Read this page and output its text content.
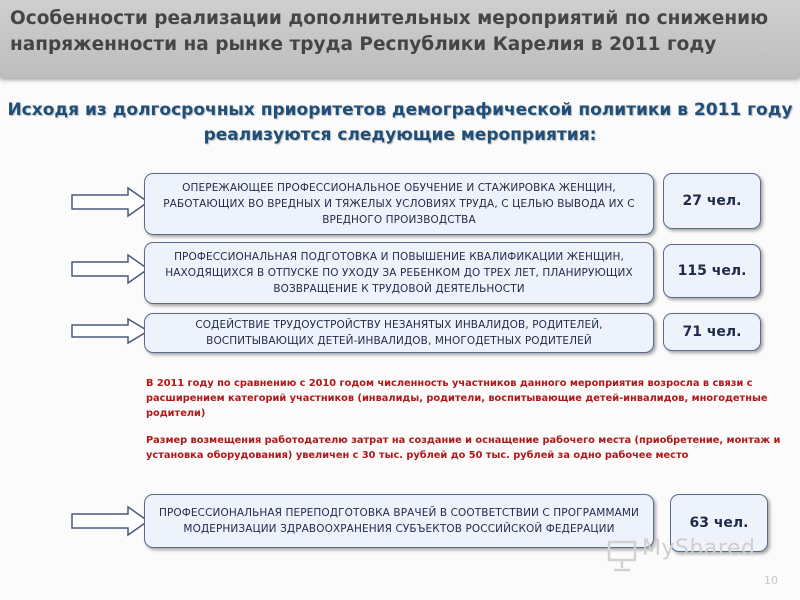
Особенности реализации дополнительных мероприятий по снижению напряженности на рынке труда Республики Карелия в 2011 году
Исходя из долгосрочных приоритетов демографической политики в 2011 году реализуются следующие мероприятия:
ОПЕРЕЖАЮЩЕЕ ПРОФЕССИОНАЛЬНОЕ ОБУЧЕНИЕ И СТАЖИРОВКА ЖЕНЩИН, РАБОТАЮЩИХ ВО ВРЕДНЫХ И ТЯЖЕЛЫХ УСЛОВИЯХ ТРУДА, С ЦЕЛЬЮ ВЫВОДА ИХ С ВРЕДНОГО ПРОИЗВОДСТВА
27 чел.
ПРОФЕССИОНАЛЬНАЯ ПОДГОТОВКА И ПОВЫШЕНИЕ КВАЛИФИКАЦИИ ЖЕНЩИН, НАХОДЯЩИХСЯ В ОТПУСКЕ ПО УХОДУ ЗА РЕБЕНКОМ ДО ТРЕХ ЛЕТ, ПЛАНИРУЮЩИХ ВОЗВРАЩЕНИЕ К ТРУДОВОЙ ДЕЯТЕЛЬНОСТИ
115 чел.
СОДЕЙСТВИЕ ТРУДОУСТРОЙСТВУ НЕЗАНЯТЫХ ИНВАЛИДОВ, РОДИТЕЛЕЙ, ВОСПИТЫВАЮЩИХ ДЕТЕЙ-ИНВАЛИДОВ, МНОГОДЕТНЫХ РОДИТЕЛЕЙ
71 чел.
В 2011 году по сравнению с 2010 годом численность участников данного мероприятия возросла в связи с расширением категорий участников (инвалиды, родители, воспитывающие детей-инвалидов, многодетные родители)
Размер возмещения работодателю затрат на создание и оснащение рабочего места (приобретение, монтаж и установка оборудования) увеличен с 30 тыс. рублей до 50 тыс. рублей за одно рабочее место
ПРОФЕССИОНАЛЬНАЯ ПЕРЕПОДГОТОВКА ВРАЧЕЙ В СООТВЕТСТВИИ С ПРОГРАММАМИ МОДЕРНИЗАЦИИ ЗДРАВООХРАНЕНИЯ СУБЪЕКТОВ РОССИЙСКОЙ ФЕДЕРАЦИИ	63 чел.
MyShared
10
